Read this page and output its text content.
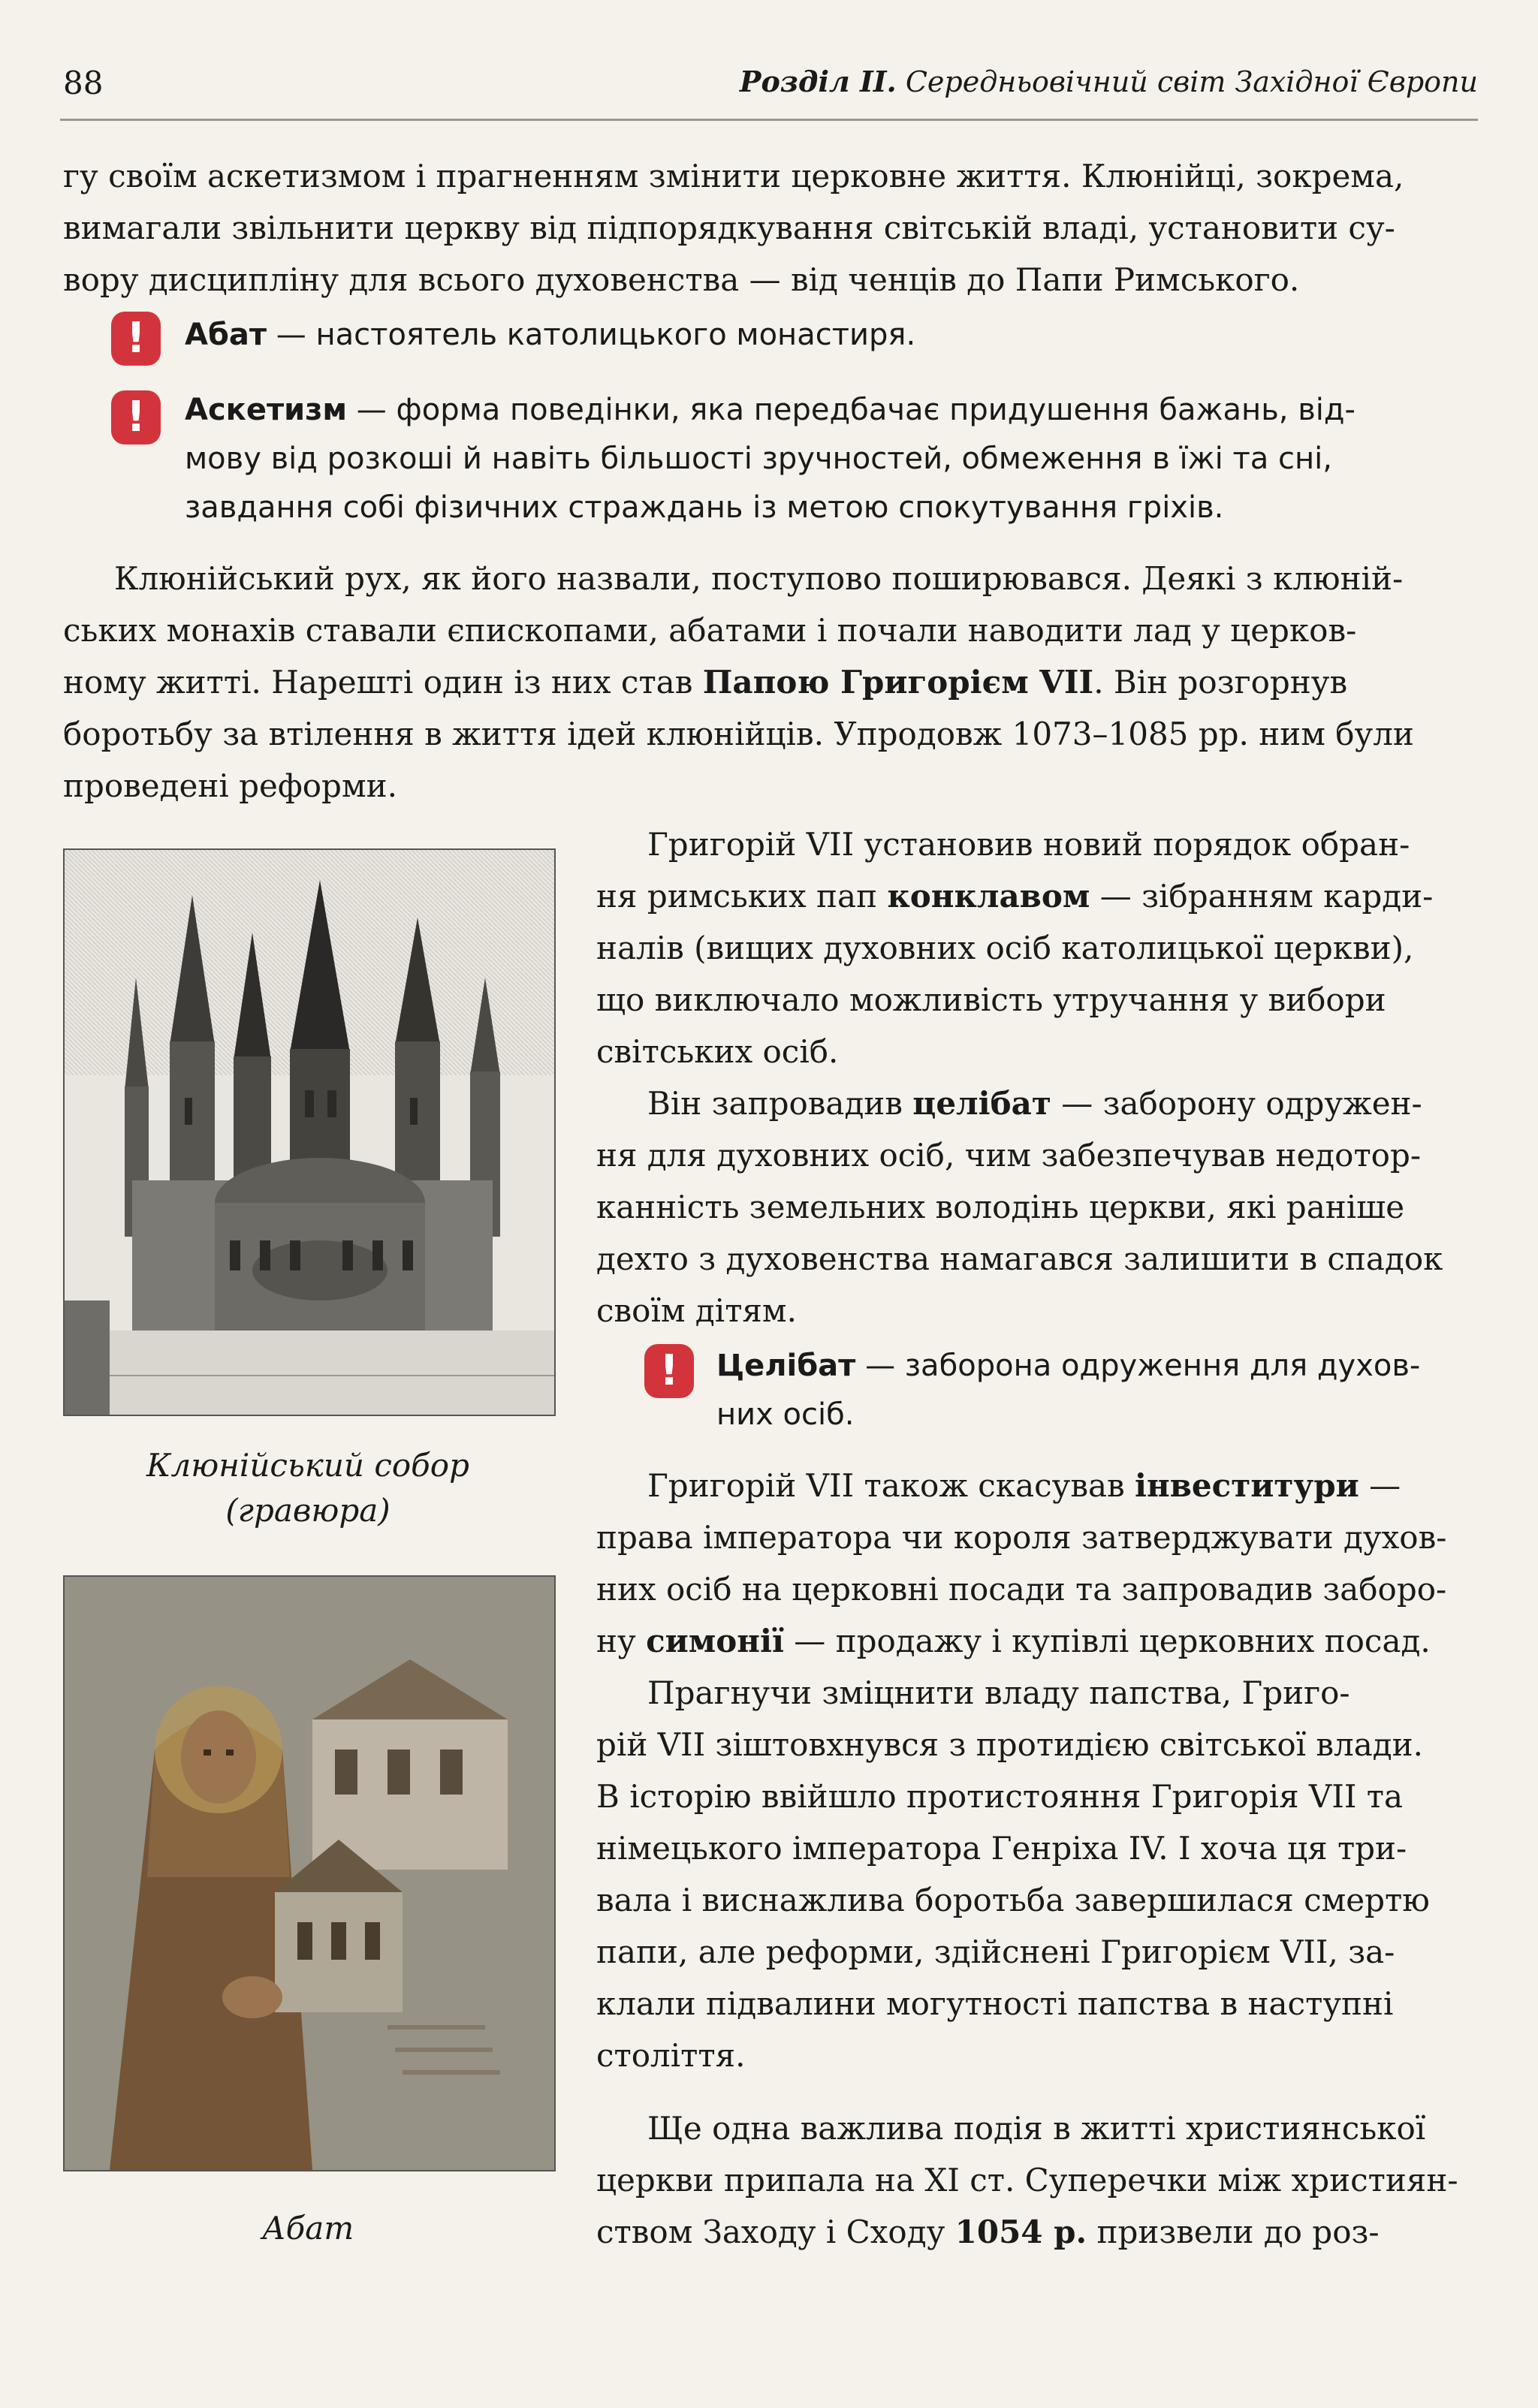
88	Розділ ІІ. Середньовічний світ Західної Європи

гу своїм аскетизмом і прагненням змінити церковне життя. Клюнійці, зокрема,

вимагали звільнити церкву від підпорядкування світській владі, установити су-

вору дисципліну для всього духовенства — від ченців до Папи Римського.

!	Абат — настоятель католицького монастиря.
!	Аскетизм — форма поведінки, яка передбачає придушення бажань, від-
мову від розкоші й навіть більшості зручностей, обмеження в їжі та сні,
завдання собі фізичних страждань із метою спокутування гріхів.

Клюнійський рух, як його назвали, поступово поширювався. Деякі з клюній-

ських монахів ставали єпископами, абатами і почали наводити лад у церков-

ному житті. Нарешті один із них став Папою Григорієм VII. Він розгорнув

боротьбу за втілення в життя ідей клюнійців. Упродовж 1073–1085 рр. ним були

проведені реформи.

Клюнійський собор
(гравюра)
Абат

Григорій VII установив новий порядок обран-

ня римських пап конклавом — зібранням карди-

налів (вищих духовних осіб католицької церкви),

що виключало можливість утручання у вибори

світських осіб.

Він запровадив целібат — заборону одружен-

ня для духовних осіб, чим забезпечував недотор-

канність земельних володінь церкви, які раніше

дехто з духовенства намагався залишити в спадок

своїм дітям.

!	Целібат — заборона одруження для духов-
них осіб.

Григорій VII також скасував інвеститури —

права імператора чи короля затверджувати духов-

них осіб на церковні посади та запровадив заборо-

ну симонії — продажу і купівлі церковних посад.

Прагнучи зміцнити владу папства, Григо-

рій VII зіштовхнувся з протидією світської влади.

В історію ввійшло протистояння Григорія VII та

німецького імператора Генріха IV. І хоча ця три-

вала і виснажлива боротьба завершилася смертю

папи, але реформи, здійснені Григорієм VII, за-

клали підвалини могутності папства в наступні

століття.

Ще одна важлива подія в житті християнської

церкви припала на XI ст. Суперечки між християн-

ством Заходу і Сходу 1054 р. призвели до роз-
